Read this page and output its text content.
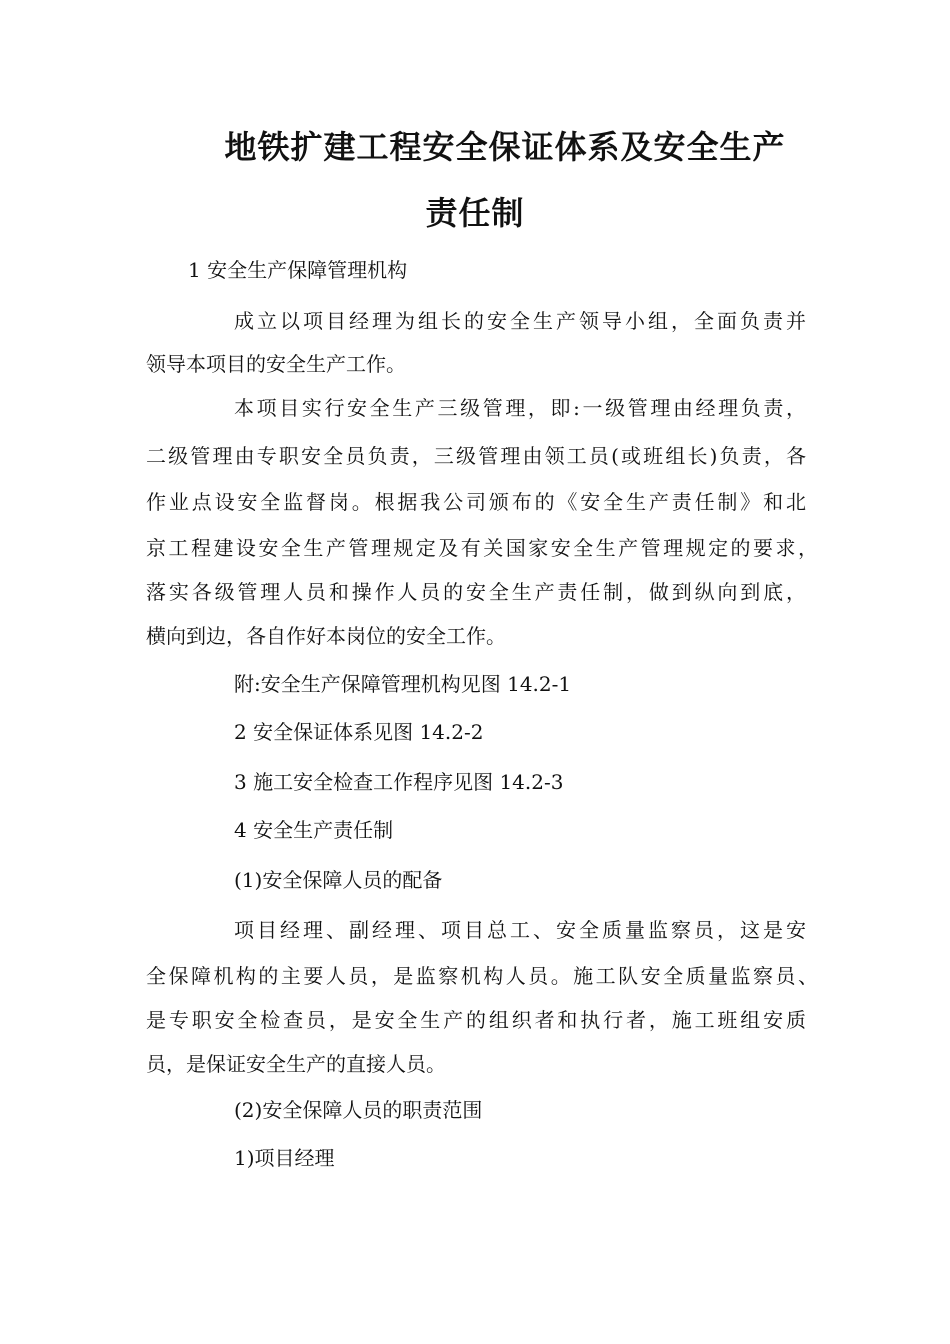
地铁扩建工程安全保证体系及安全生产
责任制
1 安全生产保障管理机构
成立以项目经理为组长的安全生产领导小组，全面负责并
领导本项目的安全生产工作。
本项目实行安全生产三级管理，即:一级管理由经理负责，
二级管理由专职安全员负责，三级管理由领工员(或班组长)负责，各
作业点设安全监督岗。根据我公司颁布的《安全生产责任制》和北
京工程建设安全生产管理规定及有关国家安全生产管理规定的要求，
落实各级管理人员和操作人员的安全生产责任制，做到纵向到底，
横向到边，各自作好本岗位的安全工作。
附:安全生产保障管理机构见图 14.2-1
2 安全保证体系见图 14.2-2
3 施工安全检查工作程序见图 14.2-3
4 安全生产责任制
(1)安全保障人员的配备
项目经理、副经理、项目总工、安全质量监察员，这是安
全保障机构的主要人员，是监察机构人员。施工队安全质量监察员、
是专职安全检查员，是安全生产的组织者和执行者，施工班组安质
员，是保证安全生产的直接人员。
(2)安全保障人员的职责范围
1)项目经理
